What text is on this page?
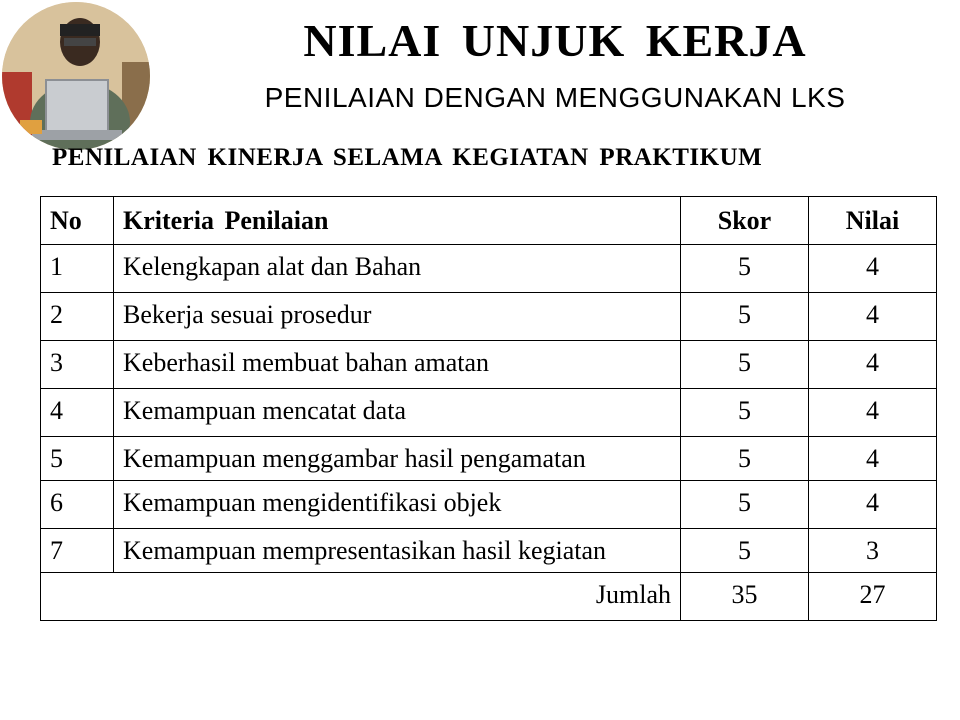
NILAI UNJUK KERJA
PENILAIAN DENGAN MENGGUNAKAN LKS
PENILAIAN KINERJA SELAMA KEGIATAN PRAKTIKUM
No	Kriteria Penilaian	Skor	Nilai
1	Kelengkapan alat dan Bahan	5	4
2	Bekerja sesuai prosedur	5	4
3	Keberhasil membuat bahan amatan	5	4
4	Kemampuan mencatat data	5	4
5	Kemampuan menggambar hasil pengamatan	5	4
6	Kemampuan mengidentifikasi objek	5	4
7	Kemampuan mempresentasikan hasil kegiatan	5	3
Jumlah		35	27
